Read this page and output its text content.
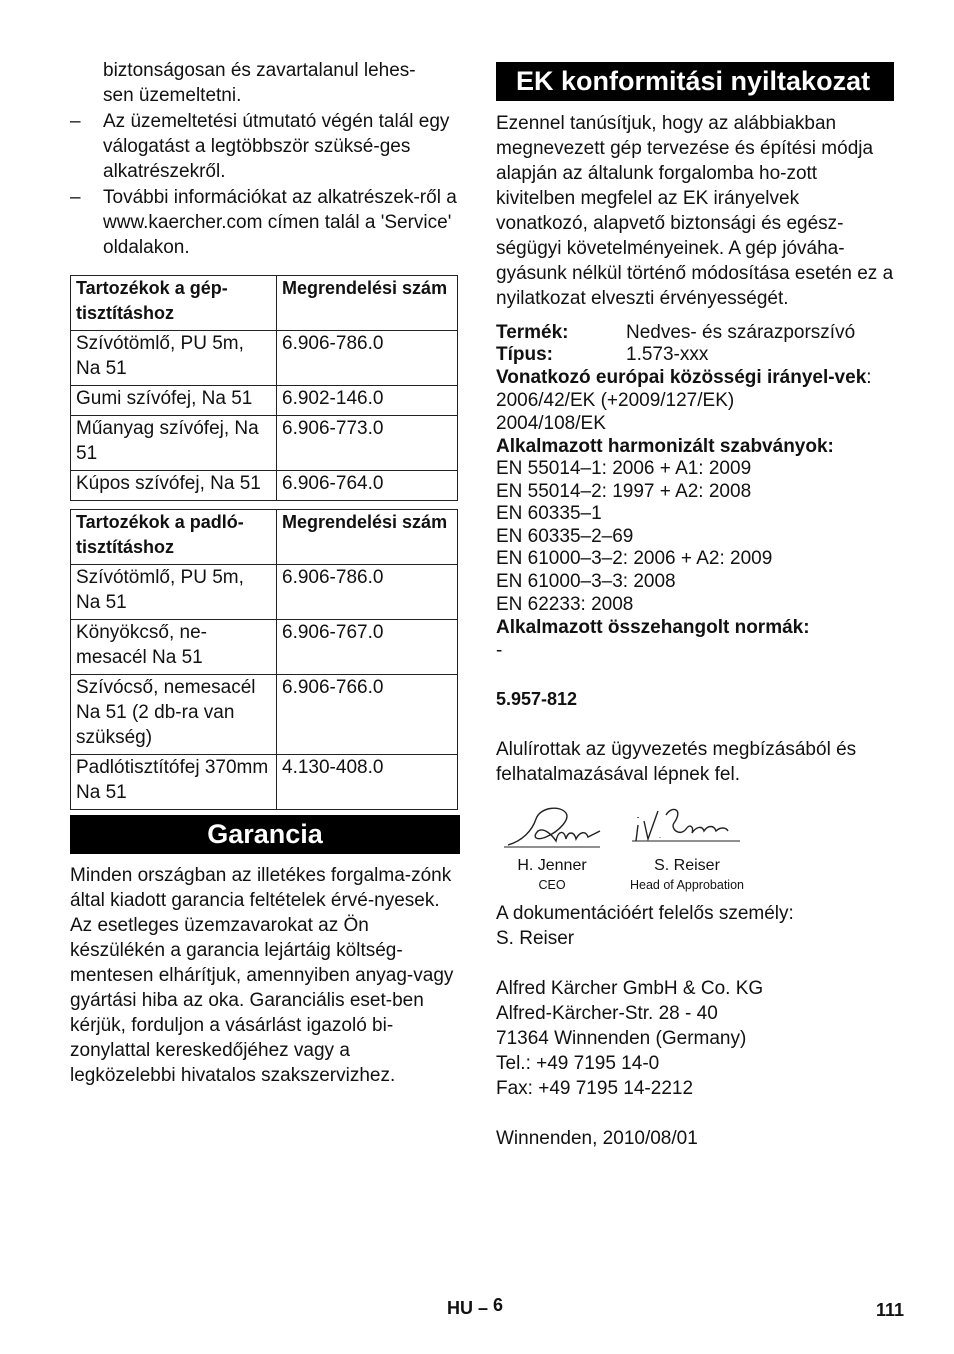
biztonságosan és zavartalanul lehes-sen üzemeltetni.

– Az üzemeltetési útmutató végén talál egy válogatást a legtöbbször szüksé-ges alkatrészekről.
– További információkat az alkatrészek-ről a www.kaercher.com címen talál a 'Service' oldalakon.
Tartozékok a gép-tisztításhoz	Megrendelési szám
Szívótömlő, PU 5m, Na 51	6.906-786.0
Gumi szívófej, Na 51	6.902-146.0
Műanyag szívófej, Na 51	6.906-773.0
Kúpos szívófej, Na 51	6.906-764.0
Tartozékok a padló-tisztításhoz	Megrendelési szám
Szívótömlő, PU 5m, Na 51	6.906-786.0
Könyökcső, ne-mesacél Na 51	6.906-767.0
Szívócső, nemesacél Na 51 (2 db-ra van szükség)	6.906-766.0
Padlótisztítófej 370mm Na 51	4.130-408.0
Garancia

Minden országban az illetékes forgalma-zónk által kiadott garancia feltételek érvé-nyesek. Az esetleges üzemzavarokat az Ön készülékén a garancia lejártáig költség-mentesen elhárítjuk, amennyiben anyag-vagy gyártási hiba az oka. Garanciális eset-ben kérjük, forduljon a vásárlást igazoló bi-zonylattal kereskedőjéhez vagy a legközelebbi hivatalos szakszervizhez.

EK konformitási nyiltakozat

Ezennel tanúsítjuk, hogy az alábbiakban megnevezett gép tervezése és építési módja alapján az általunk forgalomba ho-zott kivitelben megfelel az EK irányelvek vonatkozó, alapvető biztonsági és egész-ségügyi követelményeinek. A gép jóváha-gyásunk nélkül történő módosítása esetén ez a nyilatkozat elveszti érvényességét.

Termék:	Nedves- és szárazporszívó
Típus:	1.573-xxx

Vonatkozó európai közösségi irányel-vek:

2006/42/EK (+2009/127/EK)
2004/108/EK
Alkalmazott harmonizált szabványok:
EN 55014–1: 2006 + A1: 2009
EN 55014–2: 1997 + A2: 2008
EN 60335–1
EN 60335–2–69
EN 61000–3–2: 2006 + A2: 2009
EN 61000–3–3: 2008
EN 62233: 2008
Alkalmazott összehangolt normák:
-
5.957-812

Alulírottak az ügyvezetés megbízásából és felhatalmazásával lépnek fel.

H. Jenner
CEO
S. Reiser
Head of Approbation
A dokumentációért felelős személy:
S. Reiser
Alfred Kärcher GmbH & Co. KG
Alfred-Kärcher-Str. 28 - 40
71364 Winnenden (Germany)
Tel.: +49 7195 14-0
Fax: +49 7195 14-2212
Winnenden, 2010/08/01
HU – 6	111
